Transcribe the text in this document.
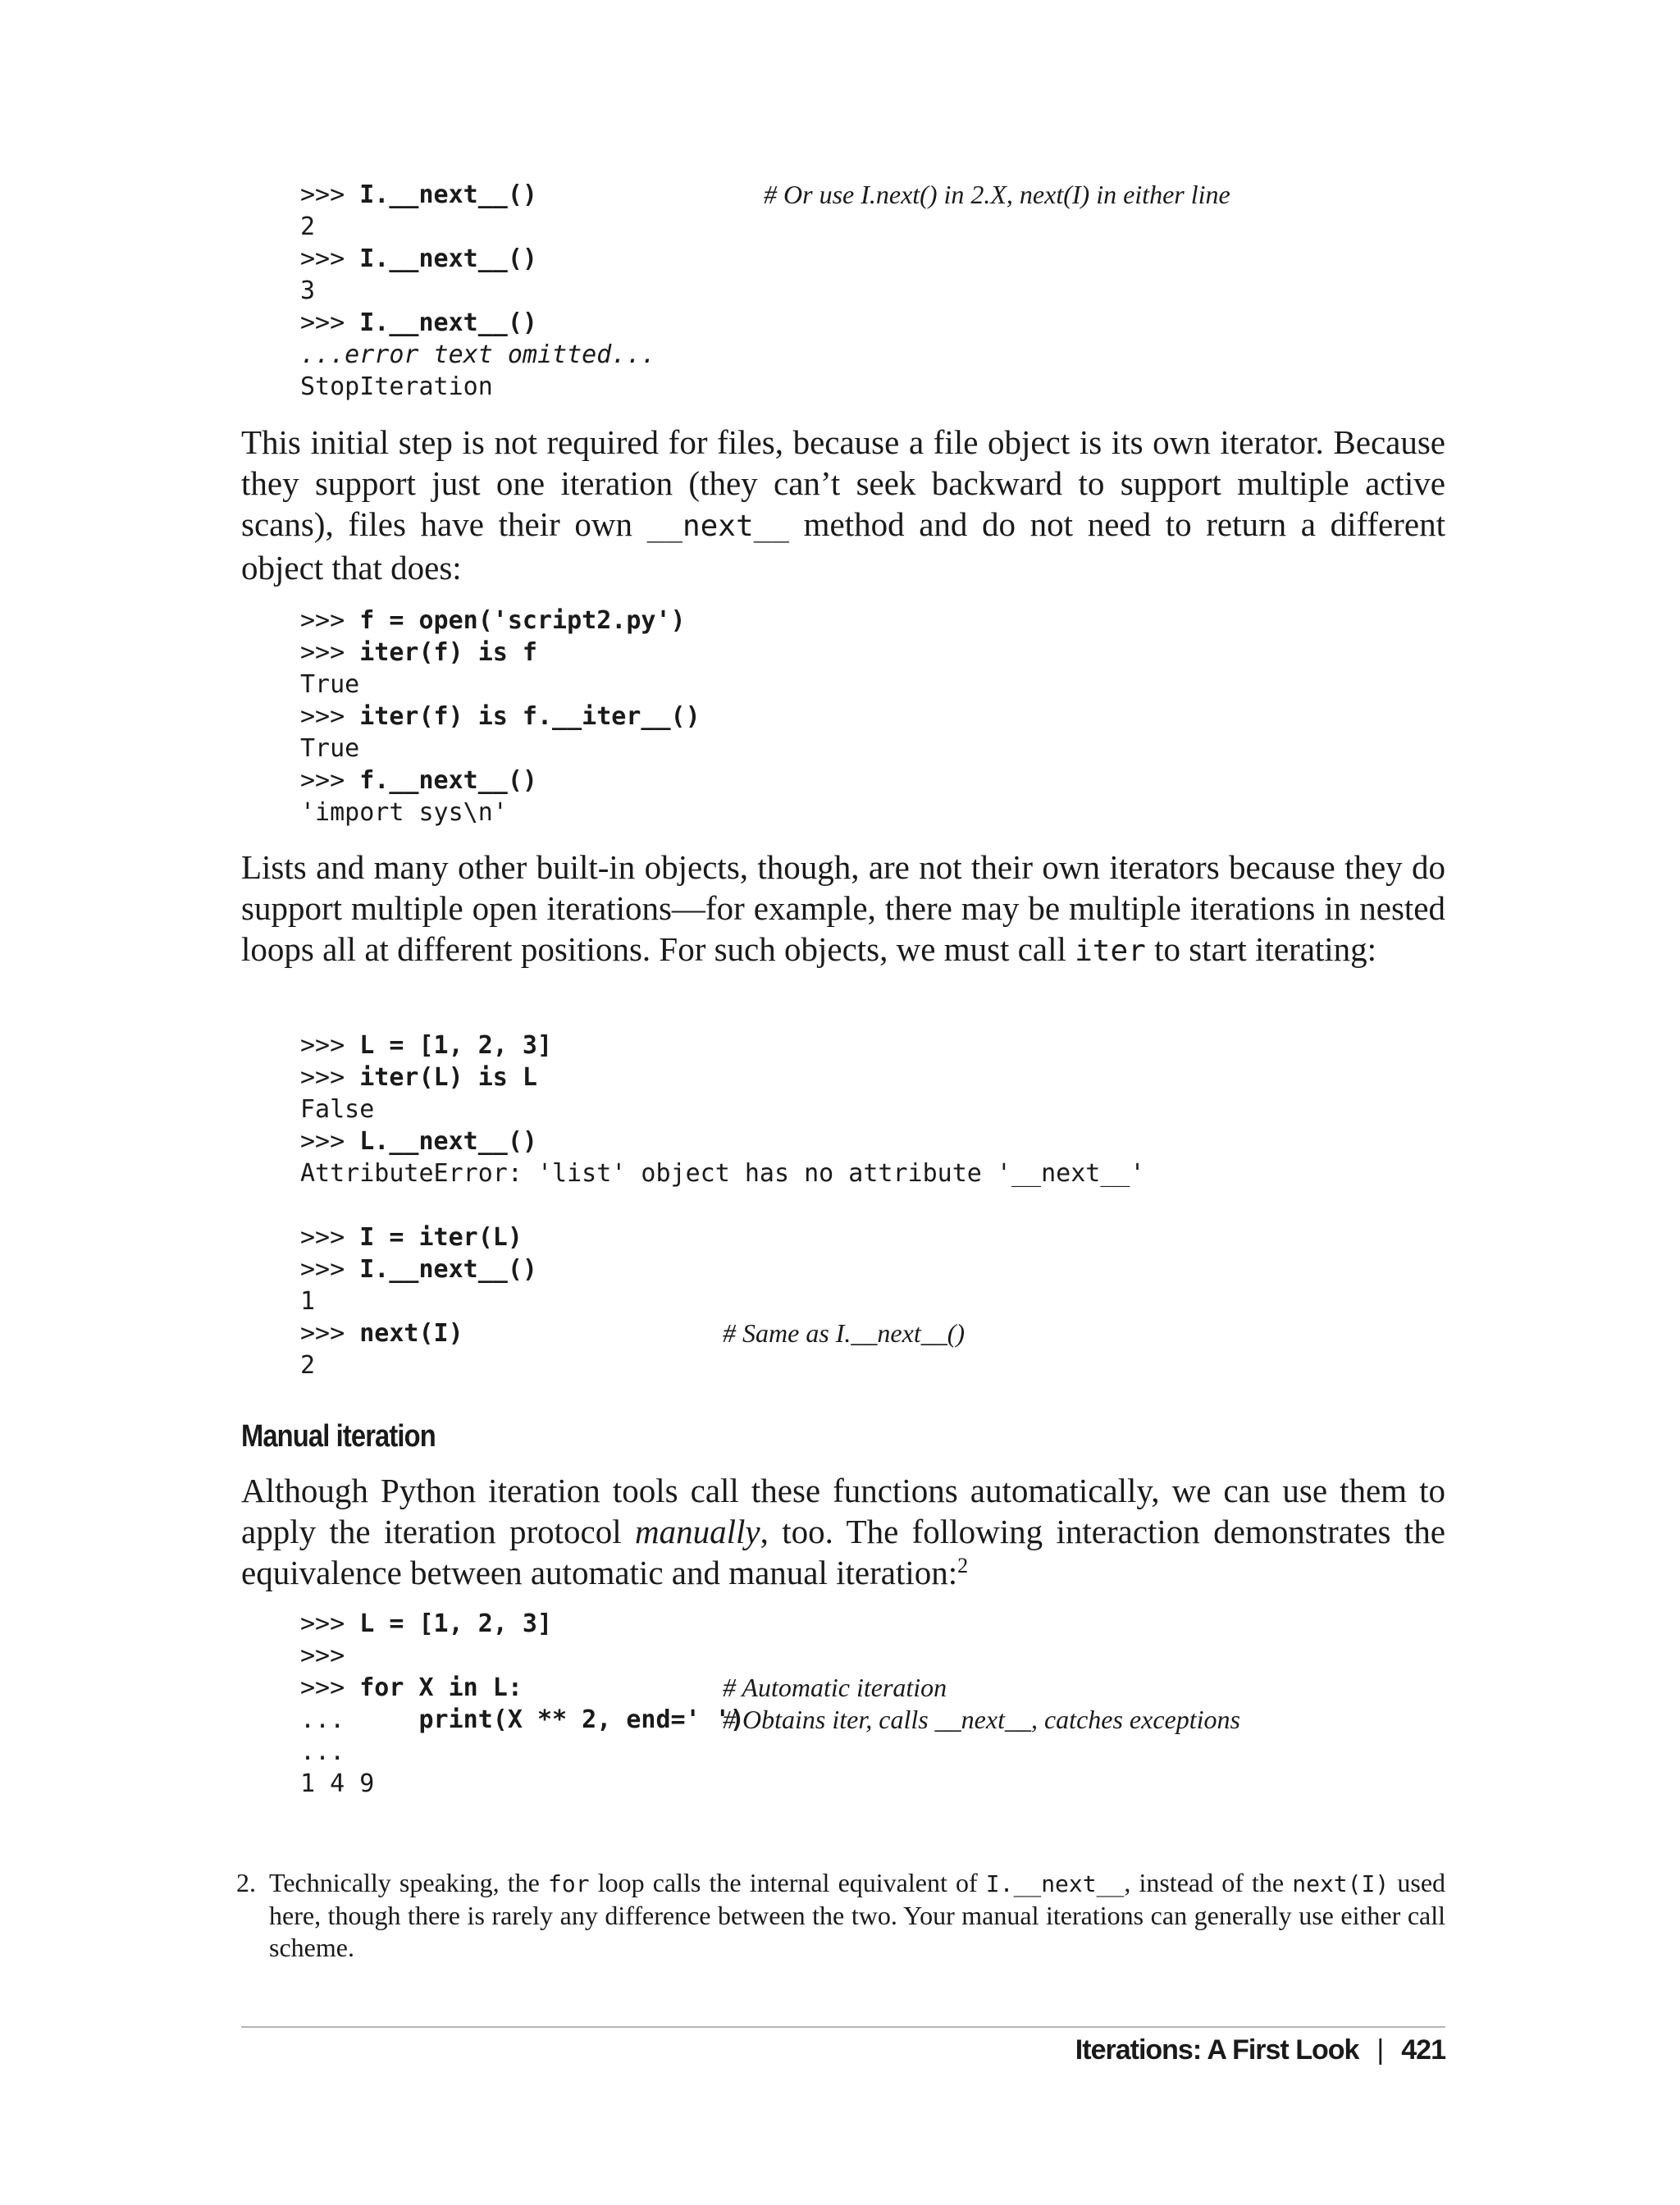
>>> I.__next__()	# Or use I.next() in 2.X, next(I) in either line
2
>>> I.__next__()
3
>>> I.__next__()
...error text omitted...
StopIteration
This initial step is not required for files, because a file object is its own iterator. Because they support just one iteration (they can’t seek backward to support multiple active scans), files have their own __next__ method and do not need to return a different object that does:
>>> f = open('script2.py')
>>> iter(f) is f
True
>>> iter(f) is f.__iter__()
True
>>> f.__next__()
'import sys\n'
Lists and many other built-in objects, though, are not their own iterators because they do support multiple open iterations—for example, there may be multiple iterations in nested loops all at different positions. For such objects, we must call iter to start iterating:
>>> L = [1, 2, 3]
>>> iter(L) is L
False
>>> L.__next__()
AttributeError: 'list' object has no attribute '__next__'
>>> I = iter(L)
>>> I.__next__()
1
>>> next(I)	# Same as I.__next__()
2
Manual iteration
Although Python iteration tools call these functions automatically, we can use them to apply the iteration protocol manually, too. The following interaction demonstrates the equivalence between automatic and manual iteration:$^2$
>>> L = [1, 2, 3]
>>>
>>> for X in L:	# Automatic iteration
...     print(X ** 2, end=' ')
# Obtains iter, calls __next__, catches exceptions
...
1 4 9
2. Technically speaking, the for loop calls the internal equivalent of I.__next__, instead of the next(I) used here, though there is rarely any difference between the two. Your manual iterations can generally use either call scheme.
Iterations: A First Look | 421
